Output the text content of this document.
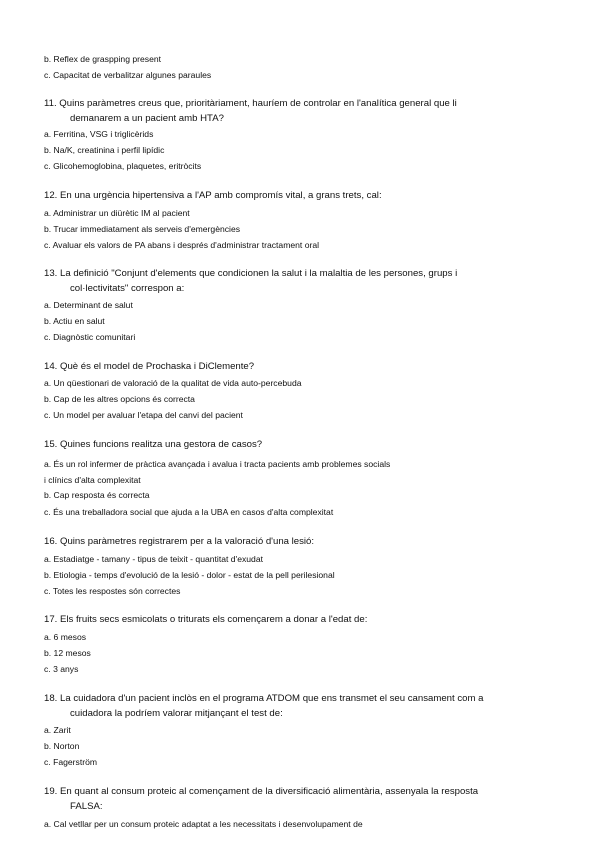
b. Reflex de graspping present
c. Capacitat de verbalitzar algunes paraules
11. Quins paràmetres creus que, prioritàriament, hauríem de controlar en l'analítica general que li
demanarem a un pacient amb HTA?
a. Ferritina, VSG i triglicèrids
b. Na/K, creatinina i perfil lipídic
c. Glicohemoglobina, plaquetes, eritròcits
12. En una urgència hipertensiva a l'AP amb compromís vital, a grans trets, cal:
a. Administrar un diürètic IM al pacient
b. Trucar immediatament als serveis d'emergències
c. Avaluar els valors de PA abans i després d'administrar tractament oral
13. La definició "Conjunt d'elements que condicionen la salut i la malaltia de les persones, grups i
col·lectivitats" correspon a:
a. Determinant de salut
b. Actiu en salut
c. Diagnòstic comunitari
14. Què és el model de Prochaska i DiClemente?
a. Un qüestionari de valoració de la qualitat de vida auto-percebuda
b. Cap de les altres opcions és correcta
c. Un model per avaluar l'etapa del canvi del pacient
15. Quines funcions realitza una gestora de casos?
a. És un rol infermer de pràctica avançada i avalua i tracta pacients amb problemes socials
i clínics d'alta complexitat
b. Cap resposta és correcta
c. És una treballadora social que ajuda a la UBA en casos d'alta complexitat
16. Quins paràmetres registrarem per a la valoració d'una lesió:
a. Estadiatge - tamany - tipus de teixit - quantitat d'exudat
b. Etiologia - temps d'evolució de la lesió - dolor - estat de la pell perilesional
c. Totes les respostes són correctes
17. Els fruits secs esmicolats o triturats els començarem a donar a l'edat de:
a. 6 mesos
b. 12 mesos
c. 3 anys
18. La cuidadora d'un pacient inclòs en el programa ATDOM que ens transmet el seu cansament com a
cuidadora la podríem valorar mitjançant el test de:
a. Zarit
b. Norton
c. Fagerström
19. En quant al consum proteic al començament de la diversificació alimentària, assenyala la resposta
FALSA:
a. Cal vetllar per un consum proteic adaptat a les necessitats i desenvolupament de
